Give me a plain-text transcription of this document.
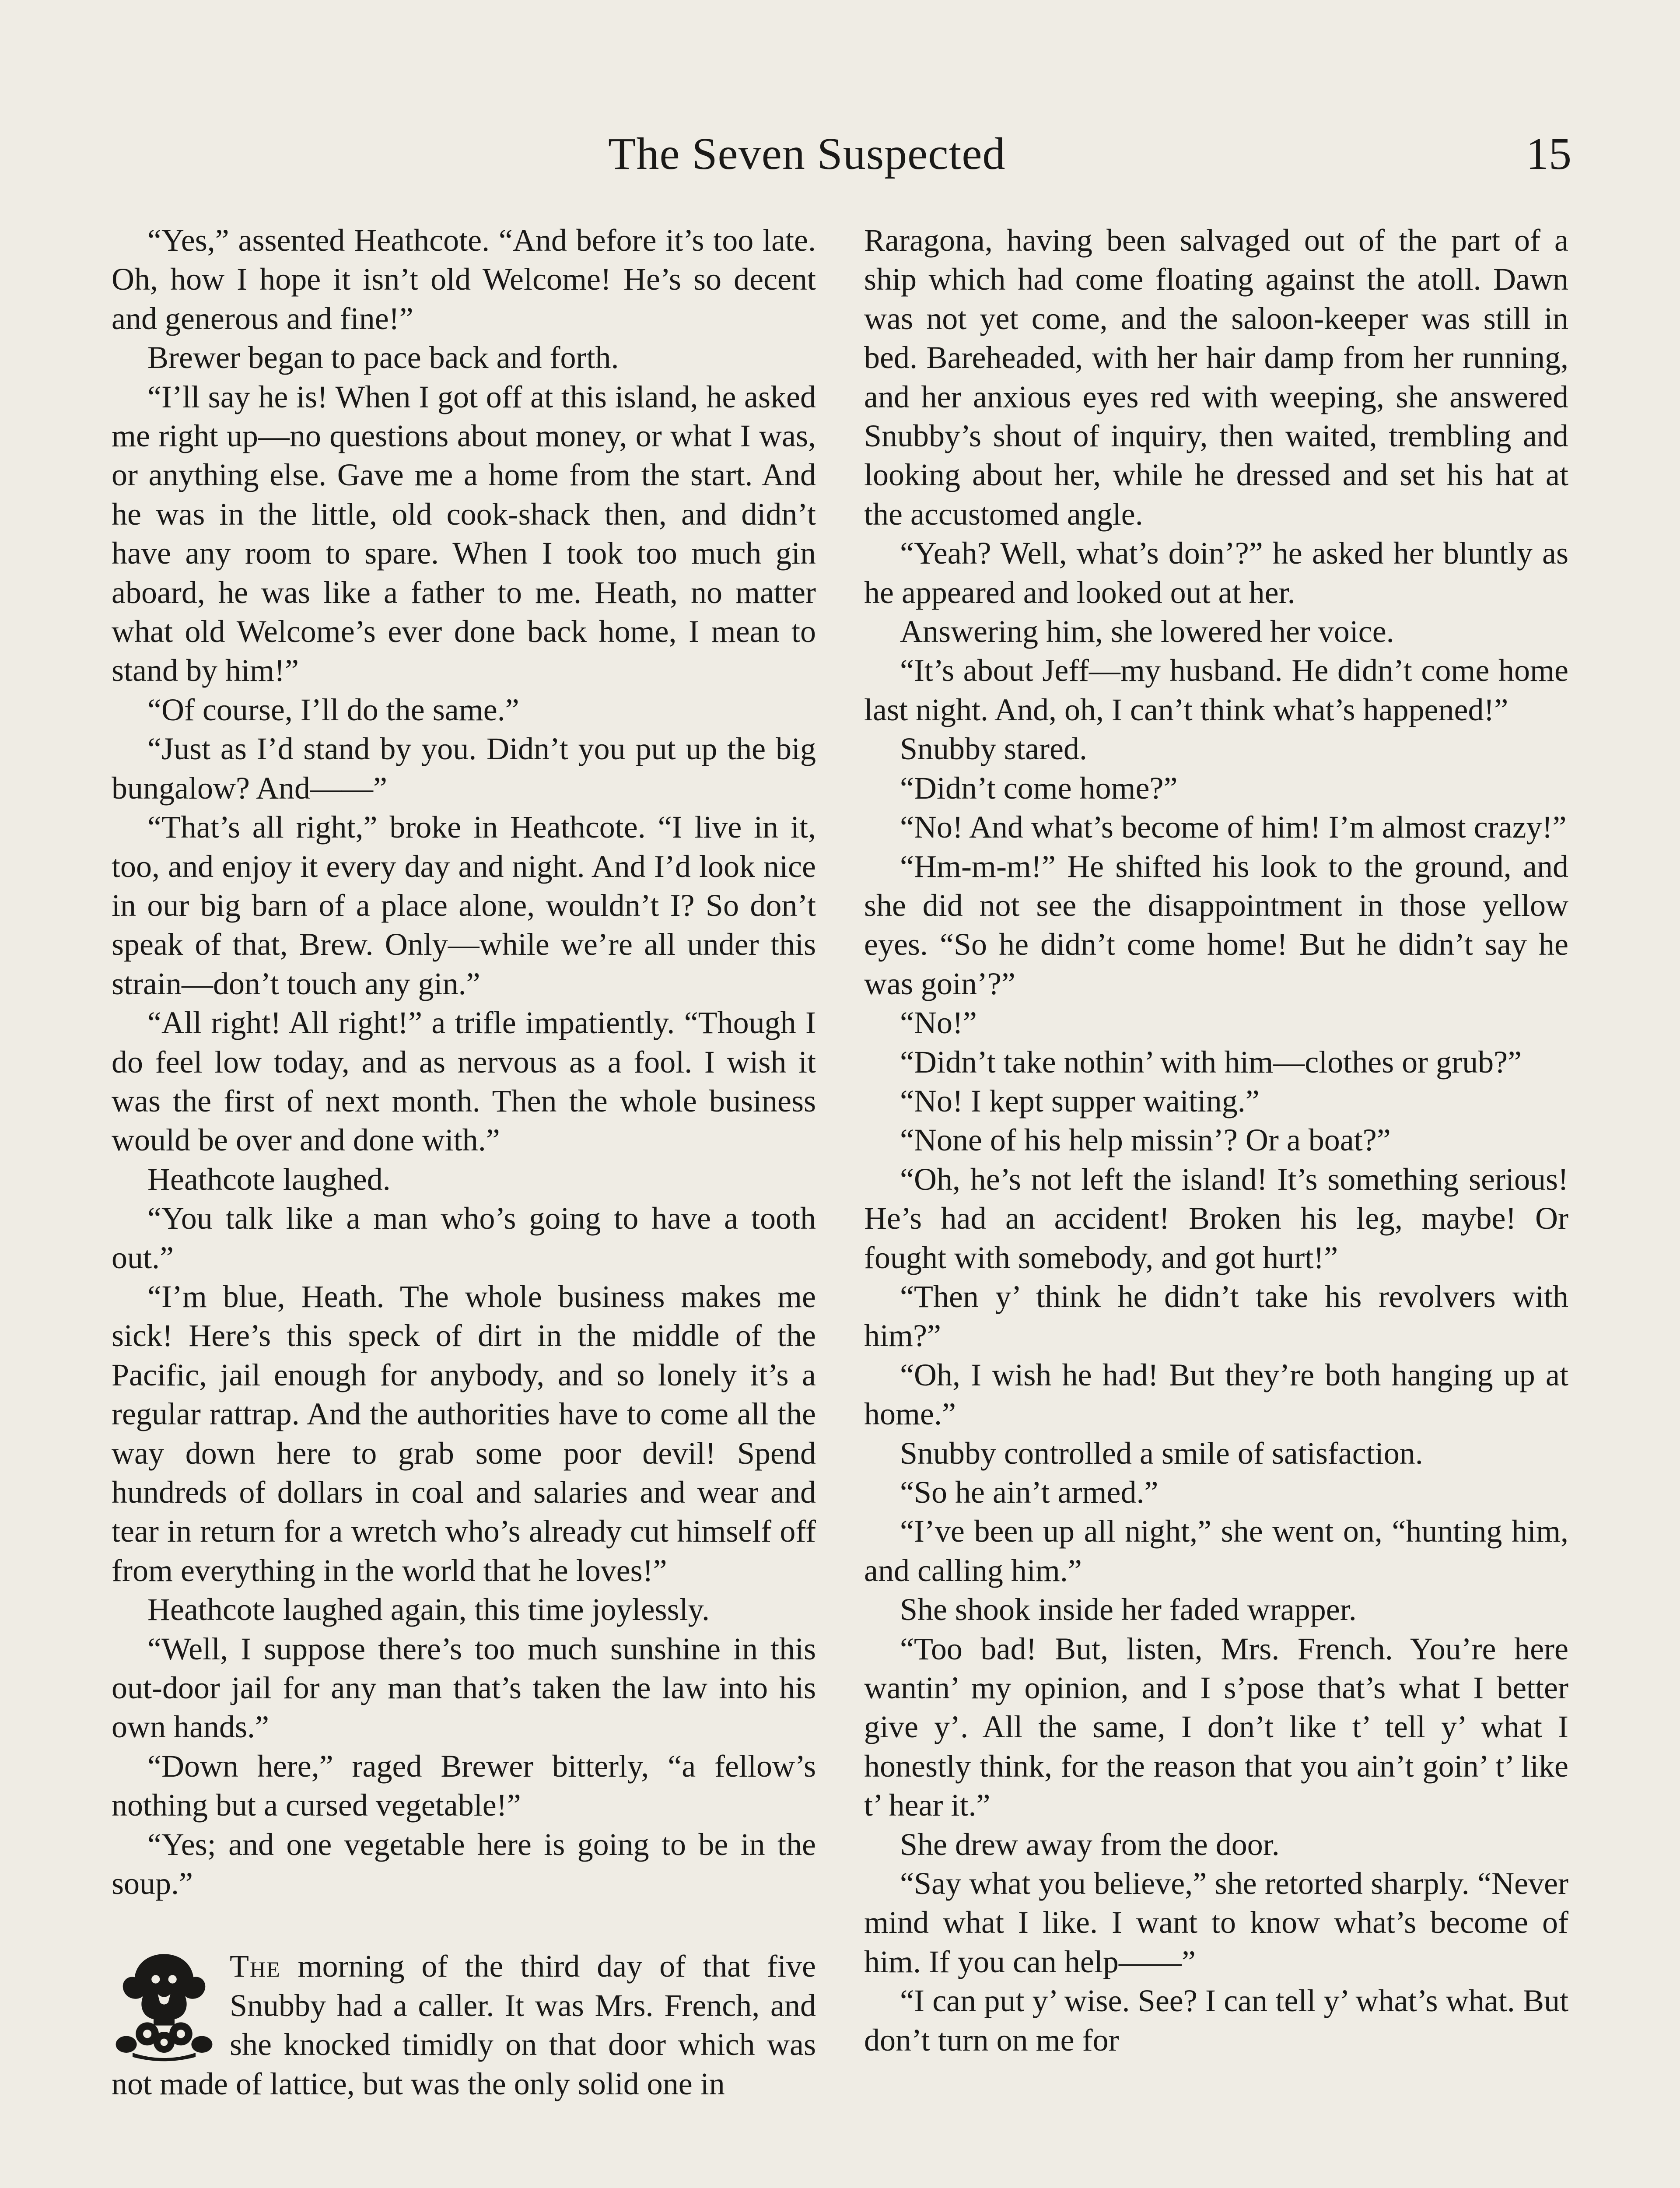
The Seven Suspected	15

“Yes,” assented Heathcote. “And before it’s too late. Oh, how I hope it isn’t old Welcome! He’s so decent and generous and fine!”

Brewer began to pace back and forth.

“I’ll say he is! When I got off at this island, he asked me right up—no questions about money, or what I was, or anything else. Gave me a home from the start. And he was in the little, old cook-shack then, and didn’t have any room to spare. When I took too much gin aboard, he was like a father to me. Heath, no matter what old Welcome’s ever done back home, I mean to stand by him!”

“Of course, I’ll do the same.”

“Just as I’d stand by you. Didn’t you put up the big bungalow? And——”

“That’s all right,” broke in Heathcote. “I live in it, too, and enjoy it every day and night. And I’d look nice in our big barn of a place alone, wouldn’t I? So don’t speak of that, Brew. Only—while we’re all under this strain—don’t touch any gin.”

“All right! All right!” a trifle impatiently. “Though I do feel low today, and as nervous as a fool. I wish it was the first of next month. Then the whole business would be over and done with.”

Heathcote laughed.

“You talk like a man who’s going to have a tooth out.”

“I’m blue, Heath. The whole business makes me sick! Here’s this speck of dirt in the middle of the Pacific, jail enough for anybody, and so lonely it’s a regular rattrap. And the authorities have to come all the way down here to grab some poor devil! Spend hundreds of dollars in coal and salaries and wear and tear in return for a wretch who’s already cut himself off from everything in the world that he loves!”

Heathcote laughed again, this time joylessly.

“Well, I suppose there’s too much sunshine in this out-door jail for any man that’s taken the law into his own hands.”

“Down here,” raged Brewer bitterly, “a fellow’s nothing but a cursed vegetable!”

“Yes; and one vegetable here is going to be in the soup.”

The morning of the third day of that five Snubby had a caller. It was Mrs. French, and she knocked timidly on that door which was not made of lattice, but was the only solid one in

Raragona, having been salvaged out of the part of a ship which had come floating against the atoll. Dawn was not yet come, and the saloon-keeper was still in bed. Bareheaded, with her hair damp from her running, and her anxious eyes red with weeping, she answered Snubby’s shout of inquiry, then waited, trembling and looking about her, while he dressed and set his hat at the accustomed angle.

“Yeah? Well, what’s doin’?” he asked her bluntly as he appeared and looked out at her.

Answering him, she lowered her voice.

“It’s about Jeff—my husband. He didn’t come home last night. And, oh, I can’t think what’s happened!”

Snubby stared.

“Didn’t come home?”

“No! And what’s become of him! I’m almost crazy!”

“Hm-m-m!” He shifted his look to the ground, and she did not see the disappointment in those yellow eyes. “So he didn’t come home! But he didn’t say he was goin’?”

“No!”

“Didn’t take nothin’ with him—clothes or grub?”

“No! I kept supper waiting.”

“None of his help missin’? Or a boat?”

“Oh, he’s not left the island! It’s something serious! He’s had an accident! Broken his leg, maybe! Or fought with somebody, and got hurt!”

“Then y’ think he didn’t take his revolvers with him?”

“Oh, I wish he had! But they’re both hanging up at home.”

Snubby controlled a smile of satisfaction.

“So he ain’t armed.”

“I’ve been up all night,” she went on, “hunting him, and calling him.”

She shook inside her faded wrapper.

“Too bad! But, listen, Mrs. French. You’re here wantin’ my opinion, and I s’pose that’s what I better give y’. All the same, I don’t like t’ tell y’ what I honestly think, for the reason that you ain’t goin’ t’ like t’ hear it.”

She drew away from the door.

“Say what you believe,” she retorted sharply. “Never mind what I like. I want to know what’s become of him. If you can help——”

“I can put y’ wise. See? I can tell y’ what’s what. But don’t turn on me for
